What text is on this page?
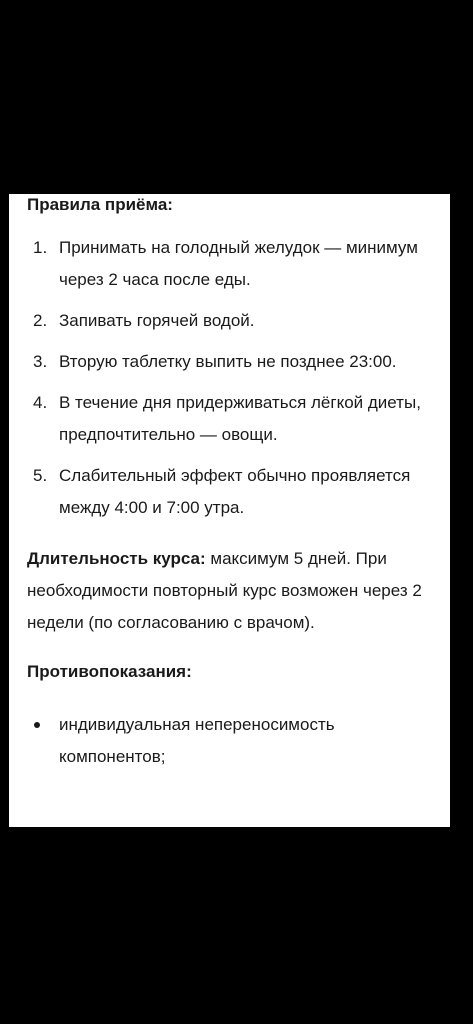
Правила приёма:

1. Принимать на голодный желудок — минимум через 2 часа после еды.
2. Запивать горячей водой.
3. Вторую таблетку выпить не позднее 23:00.
4. В течение дня придерживаться лёгкой диеты, предпочтительно — овощи.
5. Слабительный эффект обычно проявляется между 4:00 и 7:00 утра.

Длительность курса: максимум 5 дней. При необходимости повторный курс возможен через 2 недели (по согласованию с врачом).

Противопоказания:

индивидуальная непереносимость компонентов;
